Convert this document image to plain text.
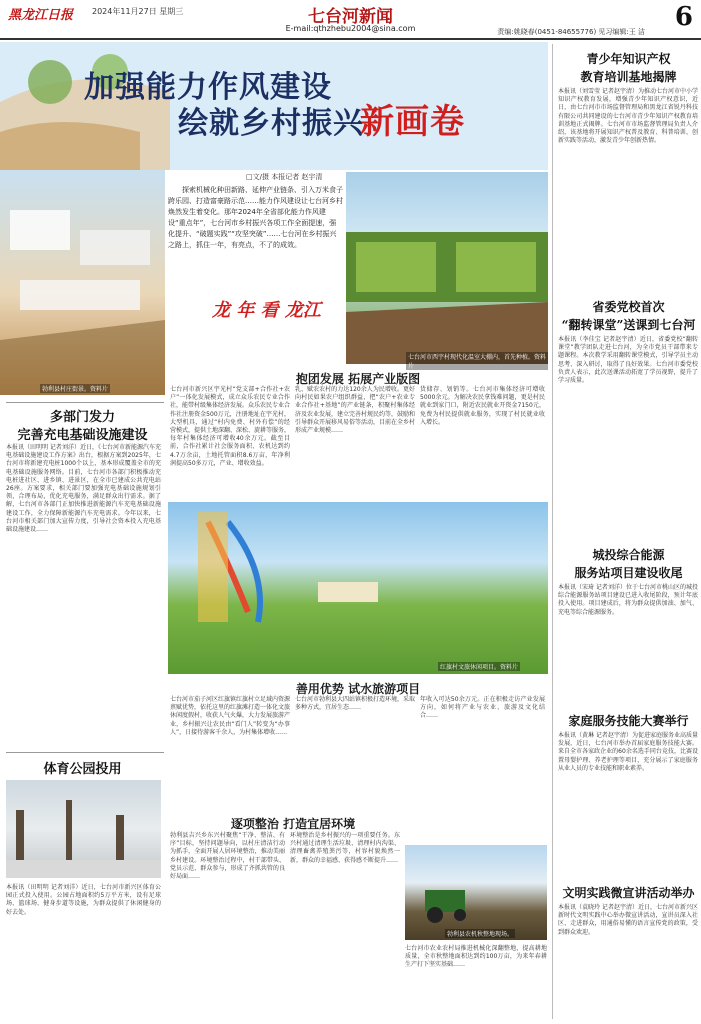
黑龙江日报 2024年11月27日 星期三	七台河新闻
E-mail:qthzhebu2004@sina.com	责编:姚晓春(0451-84655776) 见习编辑:王 洁 6
加强能力作风建设
绘就乡村振兴
新画卷
勃利县村庄街景。资料片
□文/摄 本报记者 赵宇清
探索机械化种田新路、延伸产业链条、引入万米食子跨乐园、打造富豪路示范……能力作风建设让七台河乡村焕然发生着变化。那年2024年全省部化能力作风建设“重点年”，七台河市乡村振兴各项工作全面提速，强化提升、“破题实践”“攻坚突破”……七台河在乡村振兴之路上，抓住一年，有亮点，不了的成效。
龙 年 看 龙江
七台河市西宇村现代化温室大棚内，首先种植。资料片
抱团发展 拓展产业版图
七台河市新兴区宇光村“党支部+合作社+农户”一体化发展模式，成立众乐农民专业合作社，能带村级集体经济发展。众乐农民专业合作社注册资金500万元，注册地址在宇光村，大型机具，通过“村内免费、村外有偿”的经营模式，提供土地深翻、深松、旋耕等服务，每年村集体经济可增收40余万元。截至目前，合作社累计社会服务面积、农机达到约4.7万余亩，土地托管面积8.6万亩，年净利润提高50多万元，产业、增收效益。
乳、赋农农村的力达120余人为民增收。更好向村民如果农户组织群益，把“农户+农业专业合作社+基地”的产业链条，积聚村集体经济及农业发展，建立完善村规民约等，鼓励和引导群众开展移风易俗等活动，目前在全乡村形成产业规模……
货储存、划销等。七台河市集体经济可增收5000余元。为解决农民拿钱难问题，更是村民就业到家门口，附近农民就业开资金7150元，免费为村民提供就业服务，实现了村民就业收入增长。
红旗村文旅休闲项目。资料片
善用优势 试水旅游项目
七台河市茄子河区红旗镇红旗村立足域内资源禀赋优势，依托这里的红旗滩打造一体化文旅休闲度假村，收获人气火爆，大力发展旅游产业，乡村振兴让农民由“看门人”转变为“办事人”，日接待游客千余人，为村集体增收……
七台河市勃利县大四站镇积极打造环境，采取多种方式，宜居生态……
年收入可达50余万元。正在积极走访产业发展方向，如何将产业与农业、旅游及文化结合……
逐项整治 打造宜居环境
勃利县吉兴乡东兴村聚焦“干净、整洁、有序”目标，坚持问题导向，以村庄清洁行动为抓手，全面开展人居环境整治，推动美丽乡村建设。环境整治过程中，村干部带头、党员示范、群众参与，形成了齐抓共管的良好局面……
环境整治是乡村振兴的一项重要任务。东兴村通过清理生活垃圾、清理村内沟渠、清理畜禽养殖粪污等，村容村貌焕然一新，群众的幸福感、获得感不断提升……
勃利县农机秋整地现场。
七台河市农业农村局推进机械化深翻整地，提高耕地质量，全市秋整地面积达到约100万亩，为来年春耕生产打下坚实基础……
多部门发力
完善充电基础设施建设
本报讯（田明明 记者刘洋）近日，《七台河市新能源汽车充电基础设施建设工作方案》出台，根据方案到2025年，七台河市将新建充电桩1000个以上，基本形成覆盖全市的充电基础设施服务网络。目前，七台河市各部门积极推动充电桩进社区、进乡镇、进景区，在全市已建成公共充电站26座。方案要求，相关部门要加强充电基础设施规划引领，合理布局，优化充电服务，满足群众出行需求。据了解，七台河市各部门正加快推进新能源汽车充电基础设施建设工作，全力保障新能源汽车充电需求。今年以来，七台河市相关部门加大宣传力度，引导社会资本投入充电基础设施建设……
体育公园投用
本报讯（田明明 记者刘洋）近日，七台河市新兴区体育公园正式投入使用。公园占地面积约5万平方米，设有足球场、篮球场、健身步道等设施，为群众提供了休闲健身的好去处。
青少年知识产权
教育培训基地揭牌
本报讯（刘雪莹 记者赵宇清）为推动七台河市中小学知识产权教育发展，增强青少年知识产权意识，近日，由七台河市市场监督管理局和黑龙江省锐丹科技有限公司共同建设的七台河市青少年知识产权教育培训基地正式揭牌。七台河市市场监督管理局负责人介绍，该基地将开展知识产权普及教育、科普培训、创新实践等活动，激发青少年创新热情。
省委党校首次
“翻转课堂”送课到七台河
本报讯（李佳宝 记者赵宇清）近日，省委党校“翻转课堂”教学团队走进七台河，为全市党员干部带来专题课程。本次教学采用翻转课堂模式，引导学员主动思考、深入研讨，取得了良好效果。七台河市委党校负责人表示，此次送课活动拓宽了学员视野，提升了学习质量。
城投综合能源
服务站项目建设收尾
本报讯（宋琦 记者刘洋）位于七台河市桃山区的城投综合能源服务站项目建设已进入收尾阶段，预计年底投入使用。项目建成后，将为群众提供加油、加气、充电等综合能源服务。
家庭服务技能大赛举行
本报讯（黄琳 记者赵宇清）为促进家庭服务业高质量发展，近日，七台河市举办首届家庭服务技能大赛。来自全市各家政企业的60余名选手同台竞技，比赛设置母婴护理、养老护理等项目，充分展示了家庭服务从业人员的专业技能和职业素养。
文明实践微宣讲活动举办
本报讯（袁晓玲 记者赵宇清）近日，七台河市新兴区新时代文明实践中心举办微宣讲活动，宣讲员深入社区、走进群众，用通俗易懂的语言宣传党的政策，受到群众欢迎。
